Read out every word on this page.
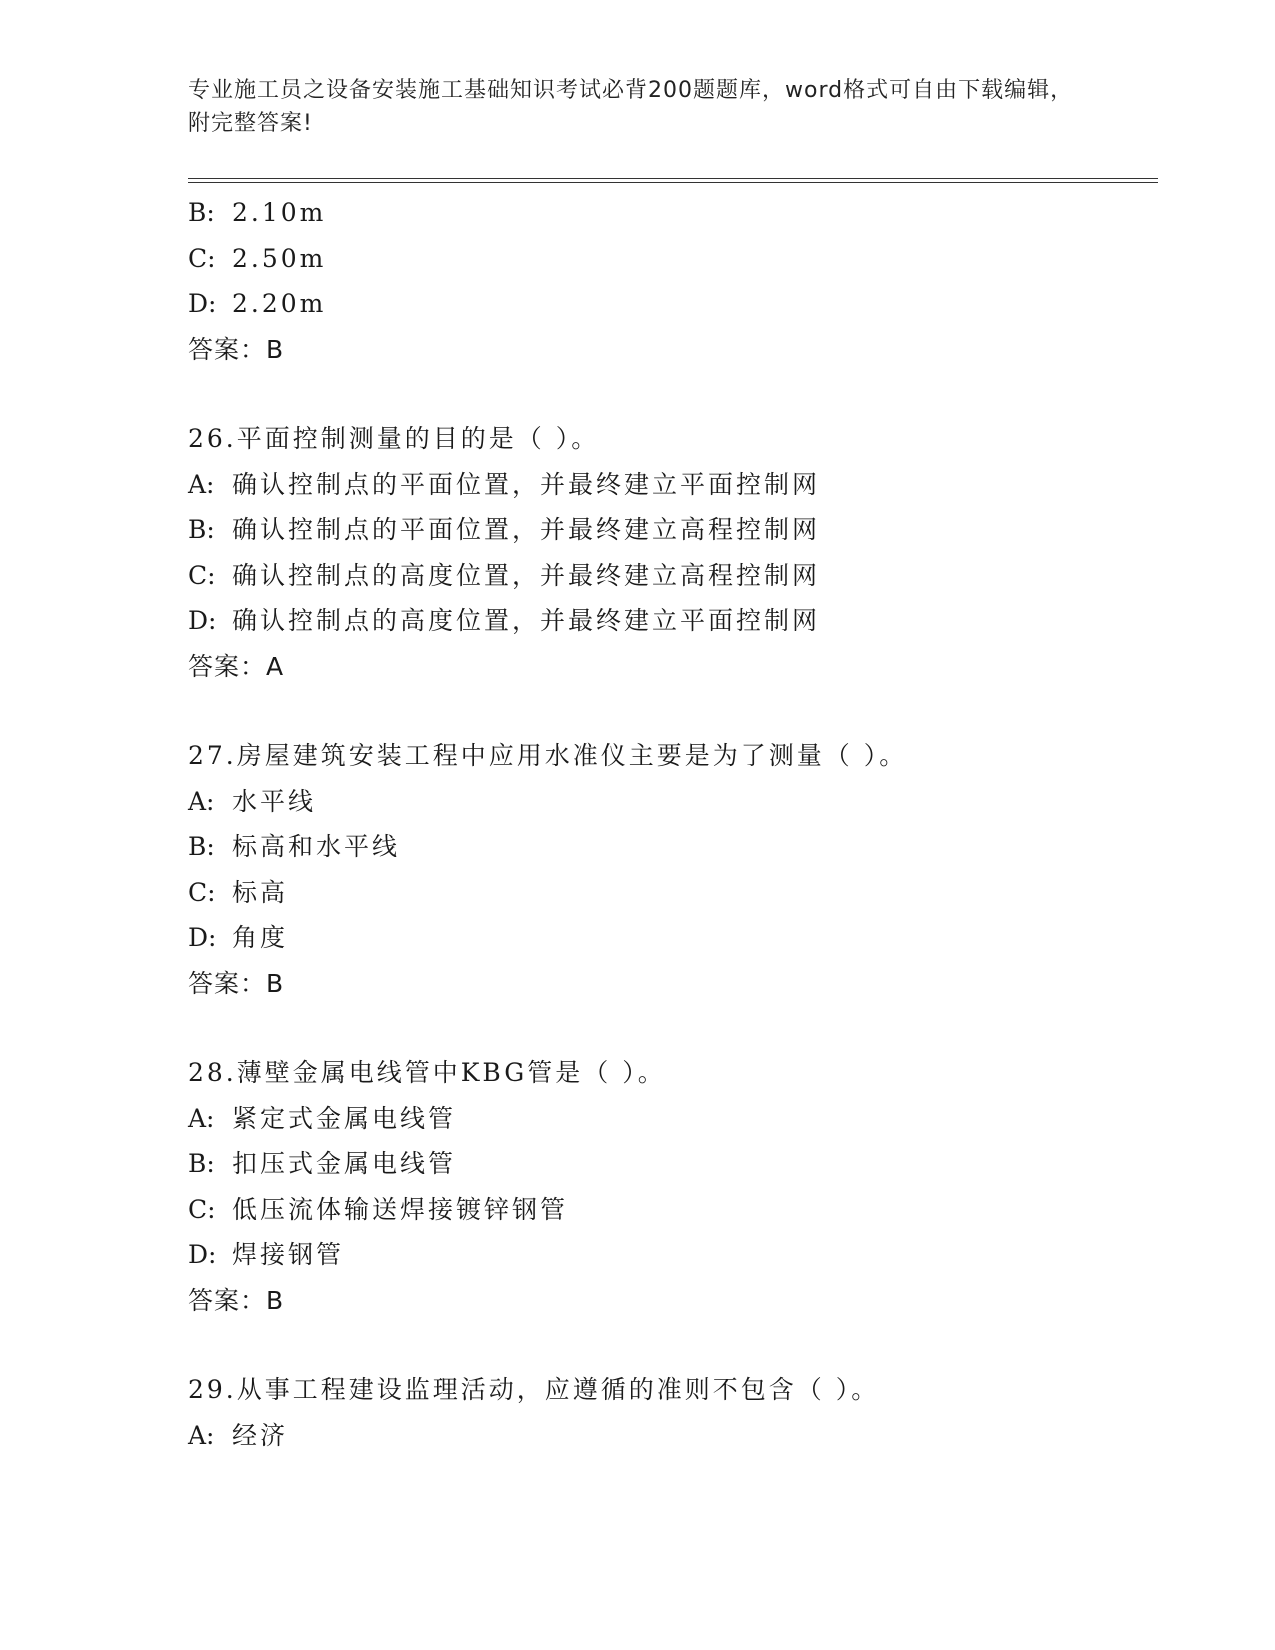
专业施工员之设备安装施工基础知识考试必背200题题库，word格式可自由下载编辑，附完整答案!
B: 2.10m
C: 2.50m
D: 2.20m
答案：B
26.平面控制测量的目的是（ ）。
A: 确认控制点的平面位置，并最终建立平面控制网
B: 确认控制点的平面位置，并最终建立高程控制网
C: 确认控制点的高度位置，并最终建立高程控制网
D: 确认控制点的高度位置，并最终建立平面控制网
答案：A
27.房屋建筑安装工程中应用水准仪主要是为了测量（ ）。
A: 水平线
B: 标高和水平线
C: 标高
D: 角度
答案：B
28.薄壁金属电线管中KBG管是（ ）。
A: 紧定式金属电线管
B: 扣压式金属电线管
C: 低压流体输送焊接镀锌钢管
D: 焊接钢管
答案：B
29.从事工程建设监理活动，应遵循的准则不包含（ ）。
A: 经济
